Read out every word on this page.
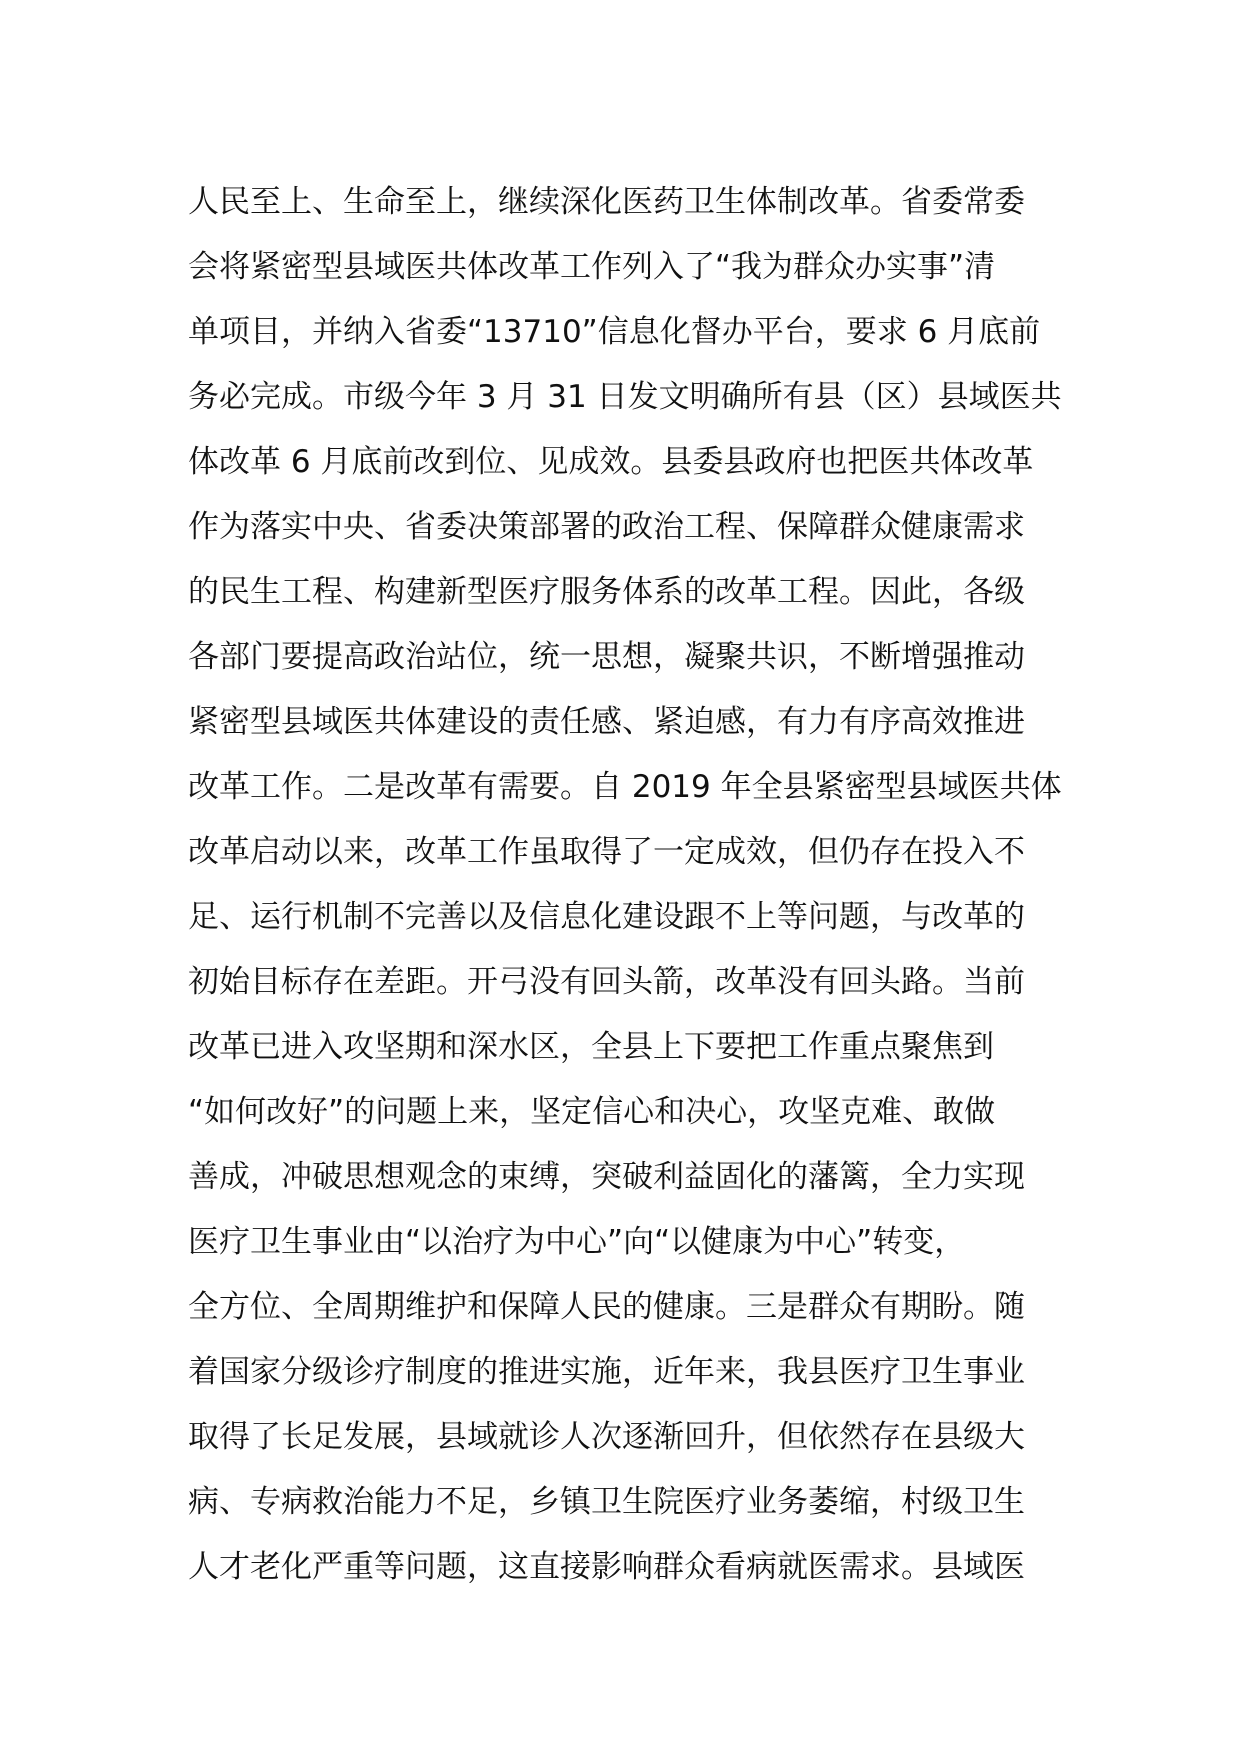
人民至上、生命至上，继续深化医药卫生体制改革。省委常委
会将紧密型县域医共体改革工作列入了“我为群众办实事”清
单项目，并纳入省委“13710”信息化督办平台，要求 6 月底前
务必完成。市级今年 3 月 31 日发文明确所有县（区）县域医共
体改革 6 月底前改到位、见成效。县委县政府也把医共体改革
作为落实中央、省委决策部署的政治工程、保障群众健康需求
的民生工程、构建新型医疗服务体系的改革工程。因此，各级
各部门要提高政治站位，统一思想，凝聚共识，不断增强推动
紧密型县域医共体建设的责任感、紧迫感，有力有序高效推进
改革工作。二是改革有需要。自 2019 年全县紧密型县域医共体
改革启动以来，改革工作虽取得了一定成效，但仍存在投入不
足、运行机制不完善以及信息化建设跟不上等问题，与改革的
初始目标存在差距。开弓没有回头箭，改革没有回头路。当前
改革已进入攻坚期和深水区，全县上下要把工作重点聚焦到
“如何改好”的问题上来，坚定信心和决心，攻坚克难、敢做
善成，冲破思想观念的束缚，突破利益固化的藩篱，全力实现
医疗卫生事业由“以治疗为中心”向“以健康为中心”转变，
全方位、全周期维护和保障人民的健康。三是群众有期盼。随
着国家分级诊疗制度的推进实施，近年来，我县医疗卫生事业
取得了长足发展，县域就诊人次逐渐回升，但依然存在县级大
病、专病救治能力不足，乡镇卫生院医疗业务萎缩，村级卫生
人才老化严重等问题，这直接影响群众看病就医需求。县域医
